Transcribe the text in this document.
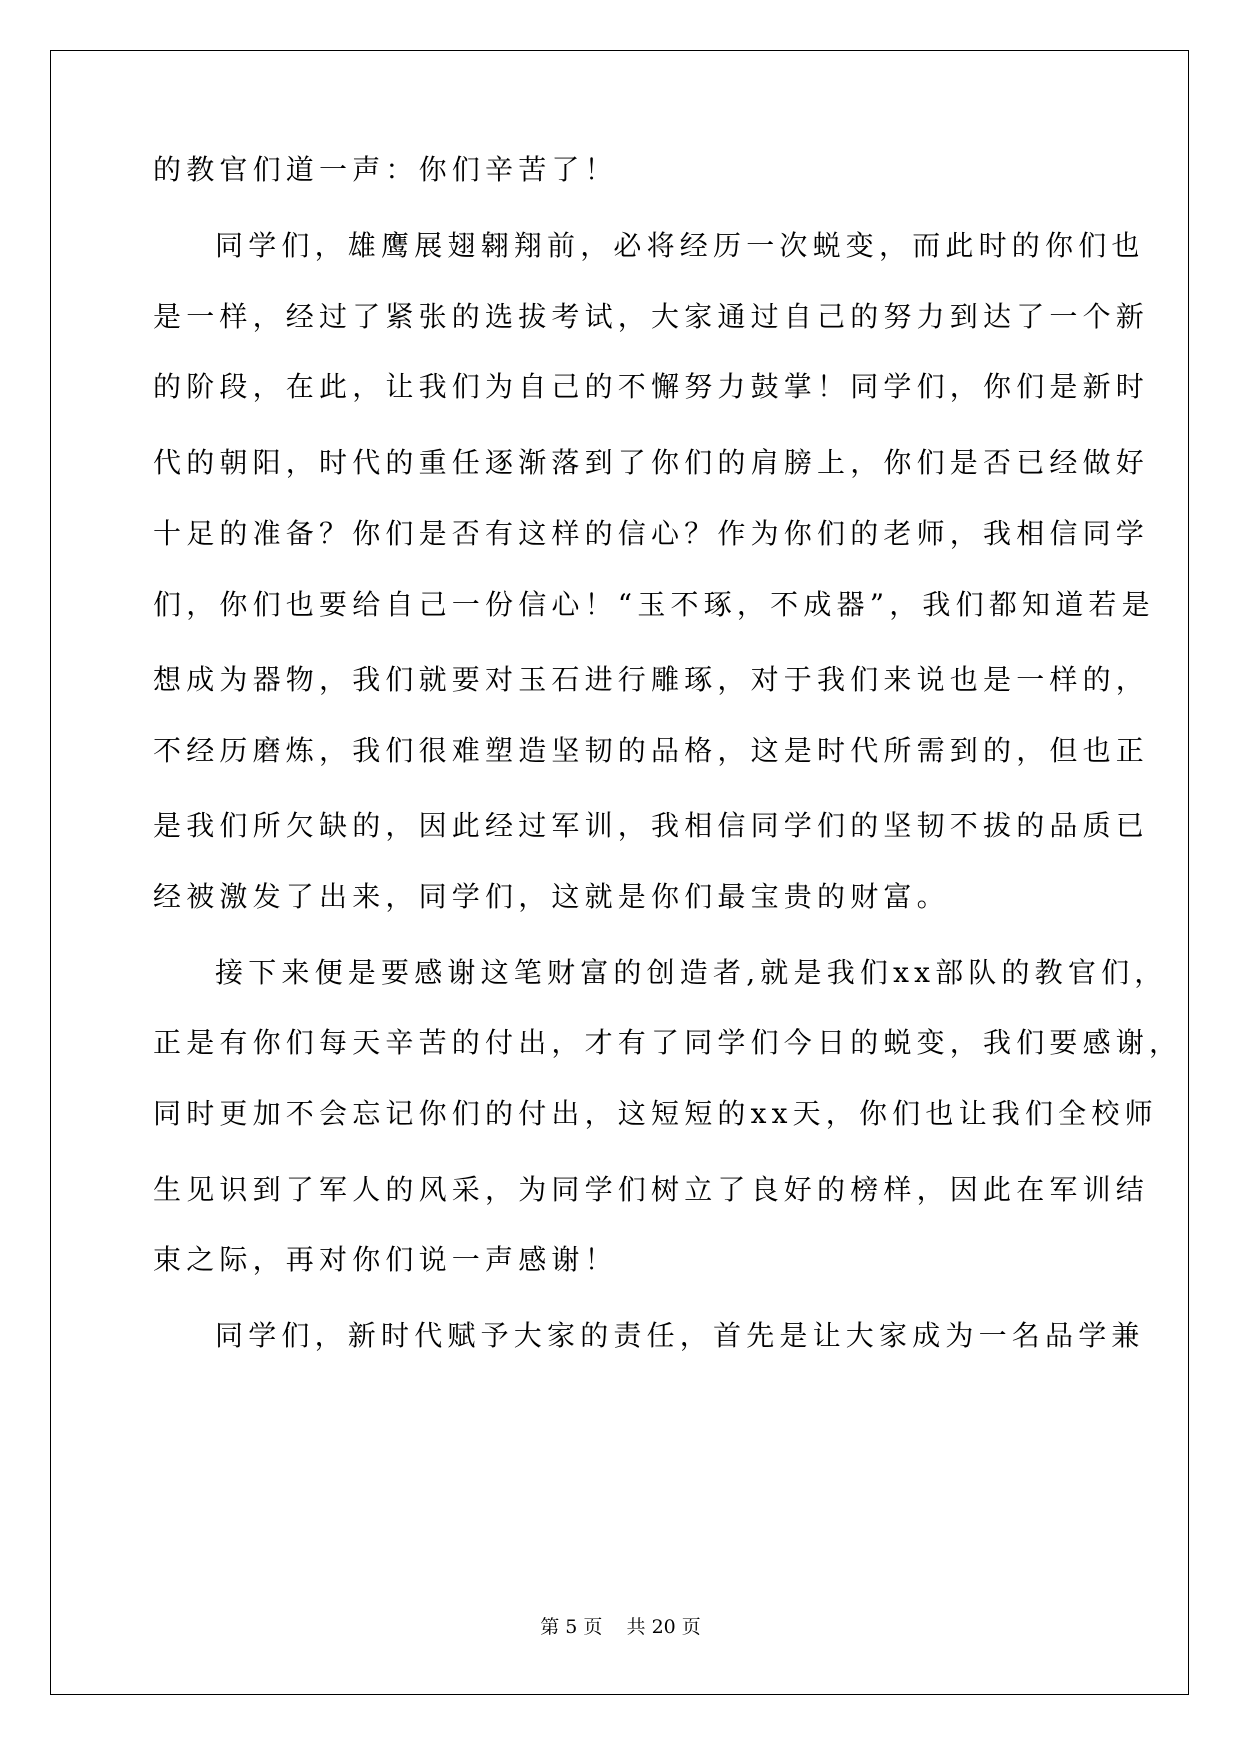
的教官们道一声：你们辛苦了！
同学们，雄鹰展翅翱翔前，必将经历一次蜕变，而此时的你们也
是一样，经过了紧张的选拔考试，大家通过自己的努力到达了一个新
的阶段，在此，让我们为自己的不懈努力鼓掌！同学们，你们是新时
代的朝阳，时代的重任逐渐落到了你们的肩膀上，你们是否已经做好
十足的准备？你们是否有这样的信心？作为你们的老师，我相信同学
们，你们也要给自己一份信心！“玉不琢，不成器”，我们都知道若是
想成为器物，我们就要对玉石进行雕琢，对于我们来说也是一样的，
不经历磨炼，我们很难塑造坚韧的品格，这是时代所需到的，但也正
是我们所欠缺的，因此经过军训，我相信同学们的坚韧不拔的品质已
经被激发了出来，同学们，这就是你们最宝贵的财富。
接下来便是要感谢这笔财富的创造者,就是我们xx部队的教官们，
正是有你们每天辛苦的付出，才有了同学们今日的蜕变，我们要感谢，
同时更加不会忘记你们的付出，这短短的xx天，你们也让我们全校师
生见识到了军人的风采，为同学们树立了良好的榜样，因此在军训结
束之际，再对你们说一声感谢！
同学们，新时代赋予大家的责任，首先是让大家成为一名品学兼
第 5 页    共 20 页
